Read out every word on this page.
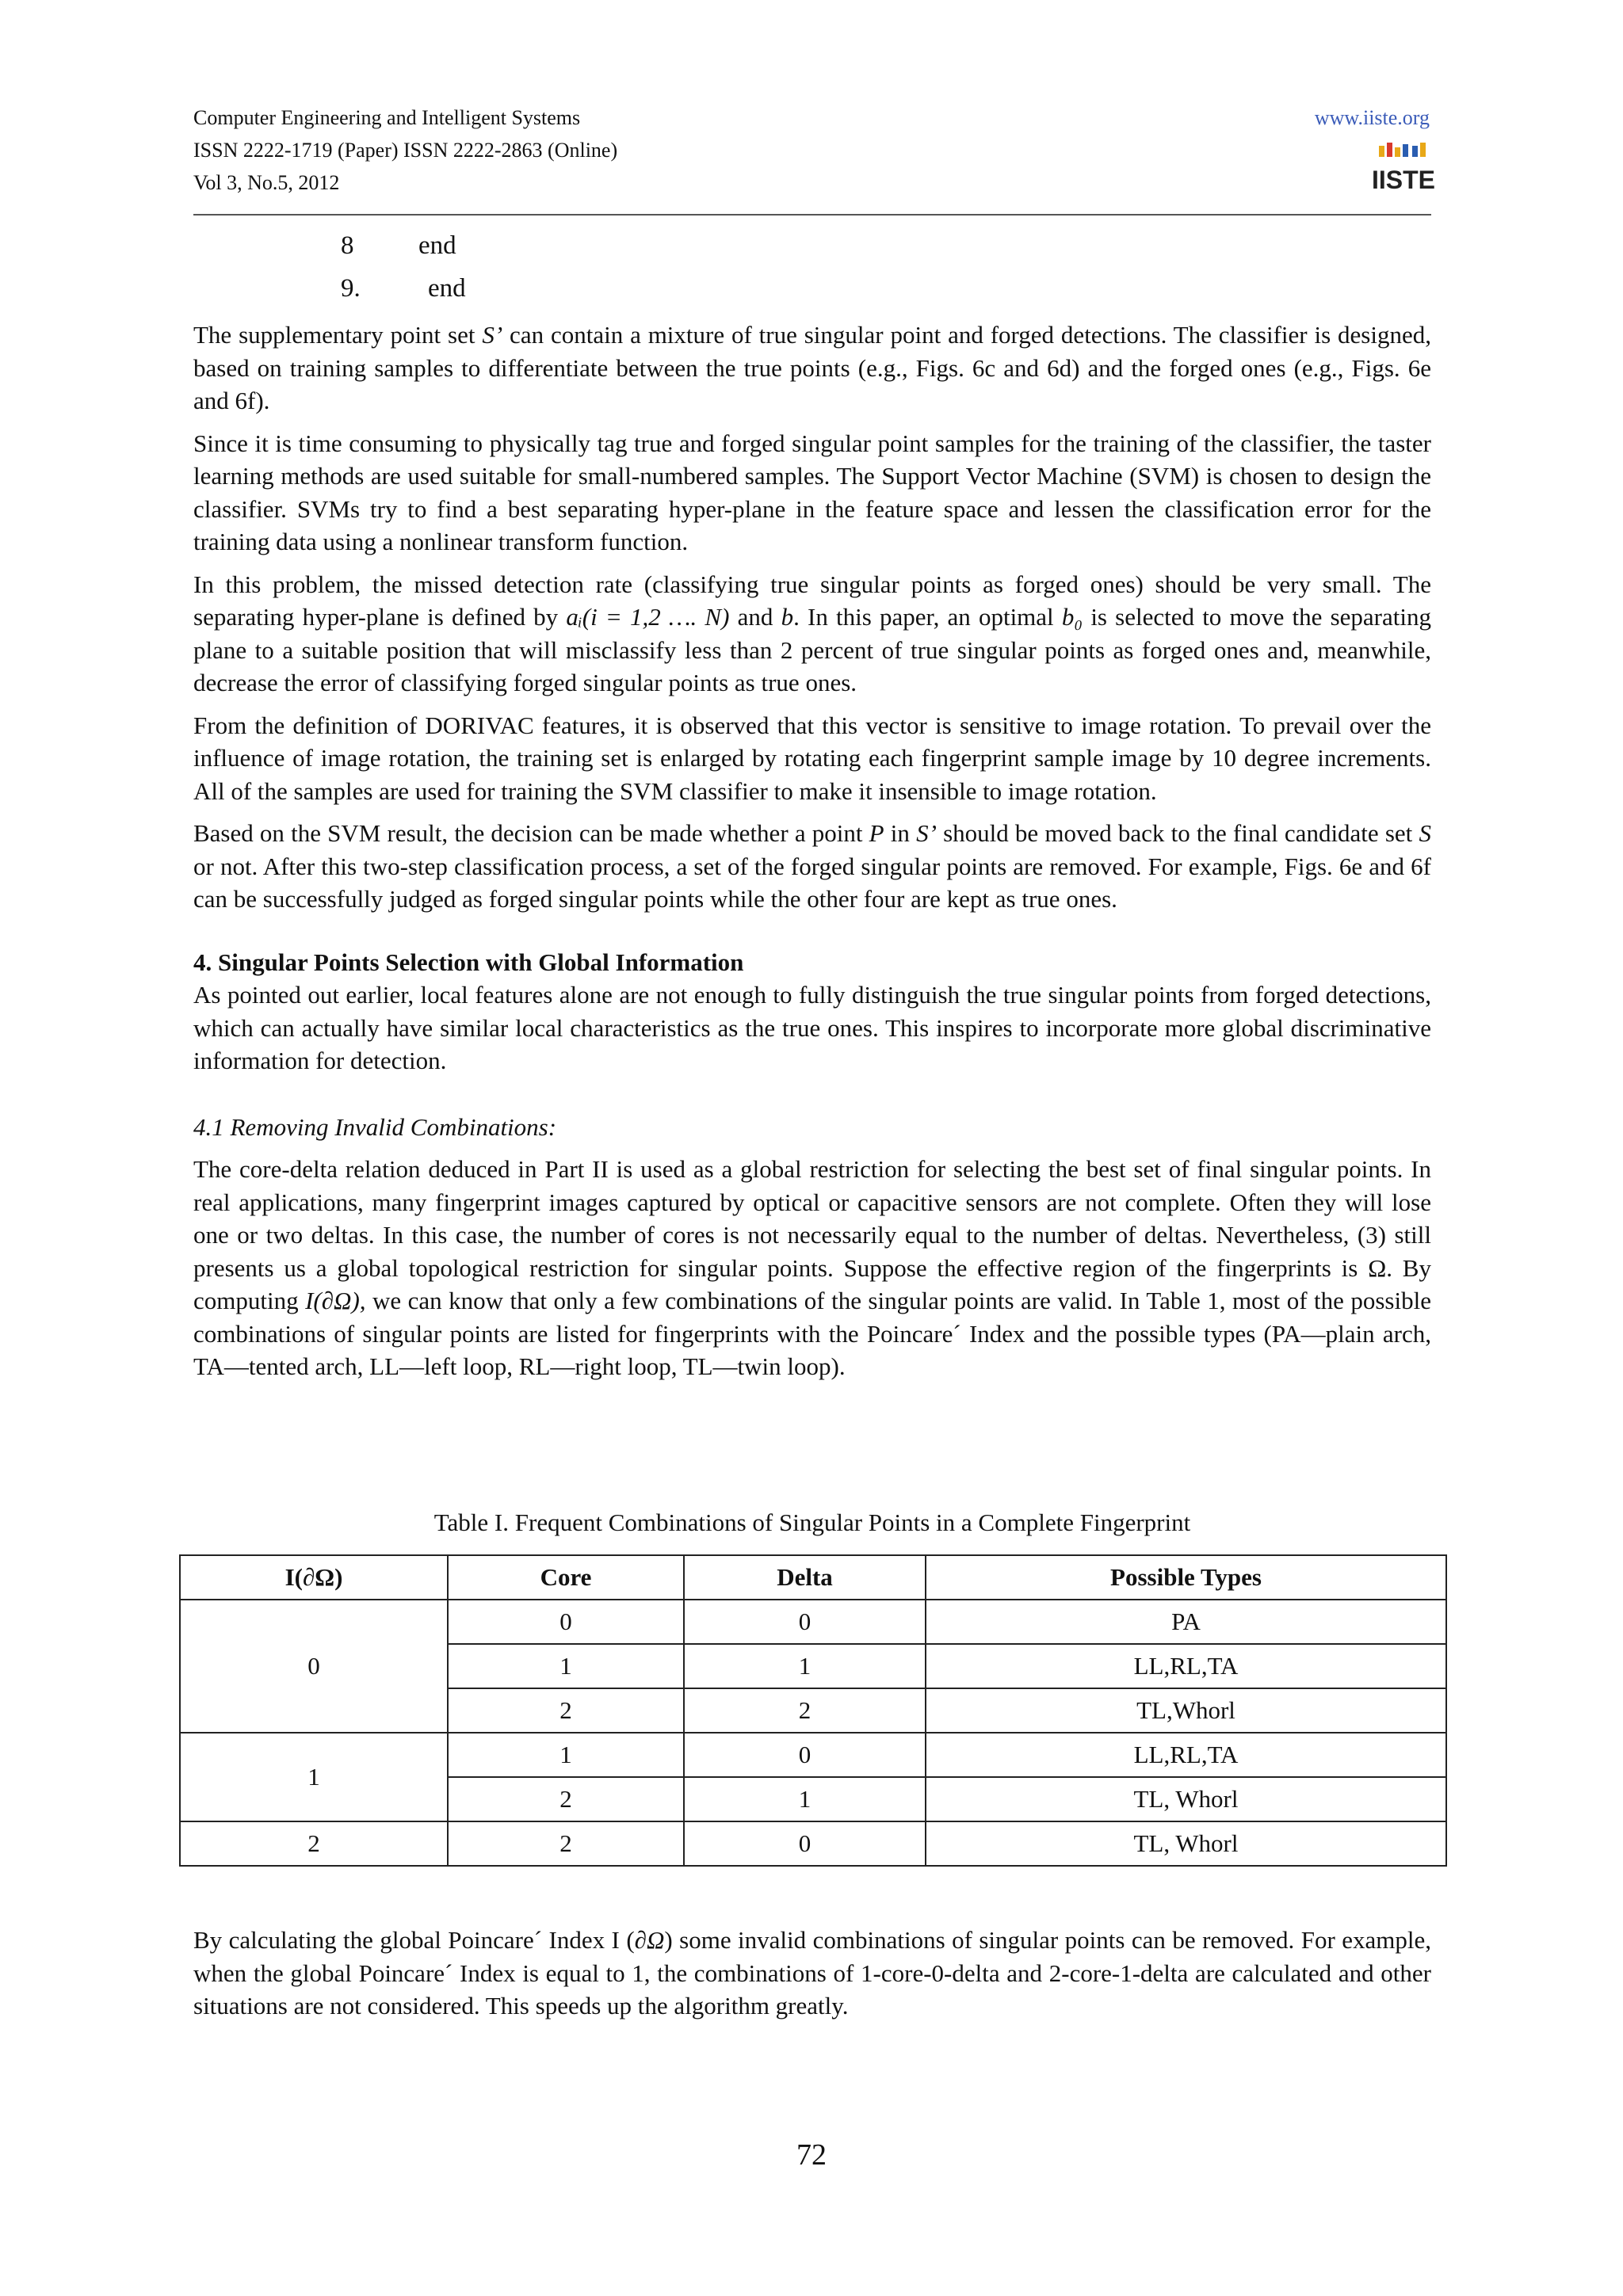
Computer Engineering and Intelligent Systems
ISSN 2222-1719 (Paper) ISSN 2222-2863 (Online)
Vol 3, No.5, 2012
www.iiste.org
IISTE
8 end
9.	end

The supplementary point set S’ can contain a mixture of true singular point and forged detections. The classifier is designed, based on training samples to differentiate between the true points (e.g., Figs. 6c and 6d) and the forged ones (e.g., Figs. 6e and 6f).

Since it is time consuming to physically tag true and forged singular point samples for the training of the classifier, the taster learning methods are used suitable for small-numbered samples. The Support Vector Machine (SVM) is chosen to design the classifier. SVMs try to find a best separating hyper-plane in the feature space and lessen the classification error for the training data using a nonlinear transform function.

In this problem, the missed detection rate (classifying true singular points as forged ones) should be very small. The separating hyper-plane is defined by aᵢ(i = 1,2 …. N) and b. In this paper, an optimal b₀ is selected to move the separating plane to a suitable position that will misclassify less than 2 percent of true singular points as forged ones and, meanwhile, decrease the error of classifying forged singular points as true ones.

From the definition of DORIVAC features, it is observed that this vector is sensitive to image rotation. To prevail over the influence of image rotation, the training set is enlarged by rotating each fingerprint sample image by 10 degree increments. All of the samples are used for training the SVM classifier to make it insensible to image rotation.

Based on the SVM result, the decision can be made whether a point P in S’ should be moved back to the final candidate set S or not. After this two-step classification process, a set of the forged singular points are removed. For example, Figs. 6e and 6f can be successfully judged as forged singular points while the other four are kept as true ones.

4. Singular Points Selection with Global Information

As pointed out earlier, local features alone are not enough to fully distinguish the true singular points from forged detections, which can actually have similar local characteristics as the true ones. This inspires to incorporate more global discriminative information for detection.

4.1 Removing Invalid Combinations:

The core-delta relation deduced in Part II is used as a global restriction for selecting the best set of final singular points. In real applications, many fingerprint images captured by optical or capacitive sensors are not complete. Often they will lose one or two deltas. In this case, the number of cores is not necessarily equal to the number of deltas. Nevertheless, (3) still presents us a global topological restriction for singular points. Suppose the effective region of the fingerprints is Ω. By computing I(∂Ω), we can know that only a few combinations of the singular points are valid. In Table 1, most of the possible combinations of singular points are listed for fingerprints with the Poincare´ Index and the possible types (PA—plain arch, TA—tented arch, LL—left loop, RL—right loop, TL—twin loop).

Table I. Frequent Combinations of Singular Points in a Complete Fingerprint
I(∂Ω)	Core	Delta	Possible Types
0	0	0	PA
	1	1	LL,RL,TA
	2	2	TL,Whorl
1	1	0	LL,RL,TA
	2	1	TL, Whorl
2	2	0	TL, Whorl

By calculating the global Poincare´ Index I (∂Ω) some invalid combinations of singular points can be removed. For example, when the global Poincare´ Index is equal to 1, the combinations of 1-core-0-delta and 2-core-1-delta are calculated and other situations are not considered. This speeds up the algorithm greatly.

72
